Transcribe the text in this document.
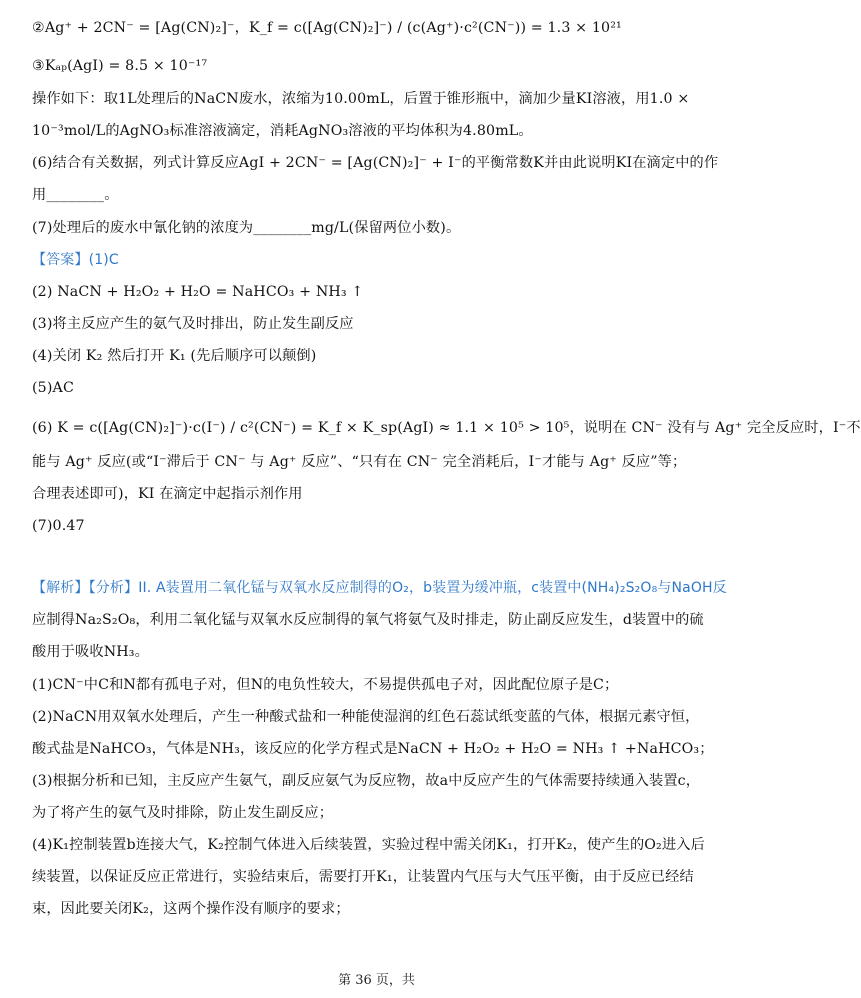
②Ag⁺ + 2CN⁻ = [Ag(CN)₂]⁻，K_f = c([Ag(CN)₂]⁻) / (c(Ag⁺)·c²(CN⁻)) = 1.3 × 10²¹
③Kₐₚ(AgI) = 8.5 × 10⁻¹⁷
操作如下：取1L处理后的NaCN废水，浓缩为10.00mL，后置于锥形瓶中，滴加少量KI溶液，用1.0 ×
10⁻³mol/L的AgNO₃标准溶液滴定，消耗AgNO₃溶液的平均体积为4.80mL。
(6)结合有关数据，列式计算反应AgI + 2CN⁻ = [Ag(CN)₂]⁻ + I⁻的平衡常数K并由此说明KI在滴定中的作
用________。
(7)处理后的废水中氰化钠的浓度为________mg/L(保留两位小数)。
【答案】(1)C
(2) NaCN + H₂O₂ + H₂O = NaHCO₃ + NH₃ ↑
(3)将主反应产生的氨气及时排出，防止发生副反应
(4)关闭 K₂ 然后打开 K₁ (先后顺序可以颠倒)
(5)AC
(6) K = c([Ag(CN)₂]⁻)·c(I⁻) / c²(CN⁻) = K_f × K_sp(AgI) ≈ 1.1 × 10⁵ > 10⁵，说明在 CN⁻ 没有与 Ag⁺ 完全反应时，I⁻不
能与 Ag⁺ 反应(或“I⁻滞后于 CN⁻ 与 Ag⁺ 反应”、“只有在 CN⁻ 完全消耗后，I⁻才能与 Ag⁺ 反应”等；
合理表述即可)，KI 在滴定中起指示剂作用
(7)0.47
【解析】【分析】II. A装置用二氧化锰与双氧水反应制得的O₂，b装置为缓冲瓶，c装置中(NH₄)₂S₂O₈与NaOH反
应制得Na₂S₂O₈，利用二氧化锰与双氧水反应制得的氧气将氨气及时排走，防止副反应发生，d装置中的硫
酸用于吸收NH₃。
(1)CN⁻中C和N都有孤电子对，但N的电负性较大，不易提供孤电子对，因此配位原子是C；
(2)NaCN用双氧水处理后，产生一种酸式盐和一种能使湿润的红色石蕊试纸变蓝的气体，根据元素守恒，
酸式盐是NaHCO₃，气体是NH₃，该反应的化学方程式是NaCN + H₂O₂ + H₂O = NH₃ ↑ +NaHCO₃；
(3)根据分析和已知，主反应产生氨气，副反应氨气为反应物，故a中反应产生的气体需要持续通入装置c，
为了将产生的氨气及时排除，防止发生副反应；
(4)K₁控制装置b连接大气，K₂控制气体进入后续装置，实验过程中需关闭K₁，打开K₂，使产生的O₂进入后
续装置，以保证反应正常进行，实验结束后，需要打开K₁，让装置内气压与大气压平衡，由于反应已经结
束，因此要关闭K₂，这两个操作没有顺序的要求；
第 36 页，共
